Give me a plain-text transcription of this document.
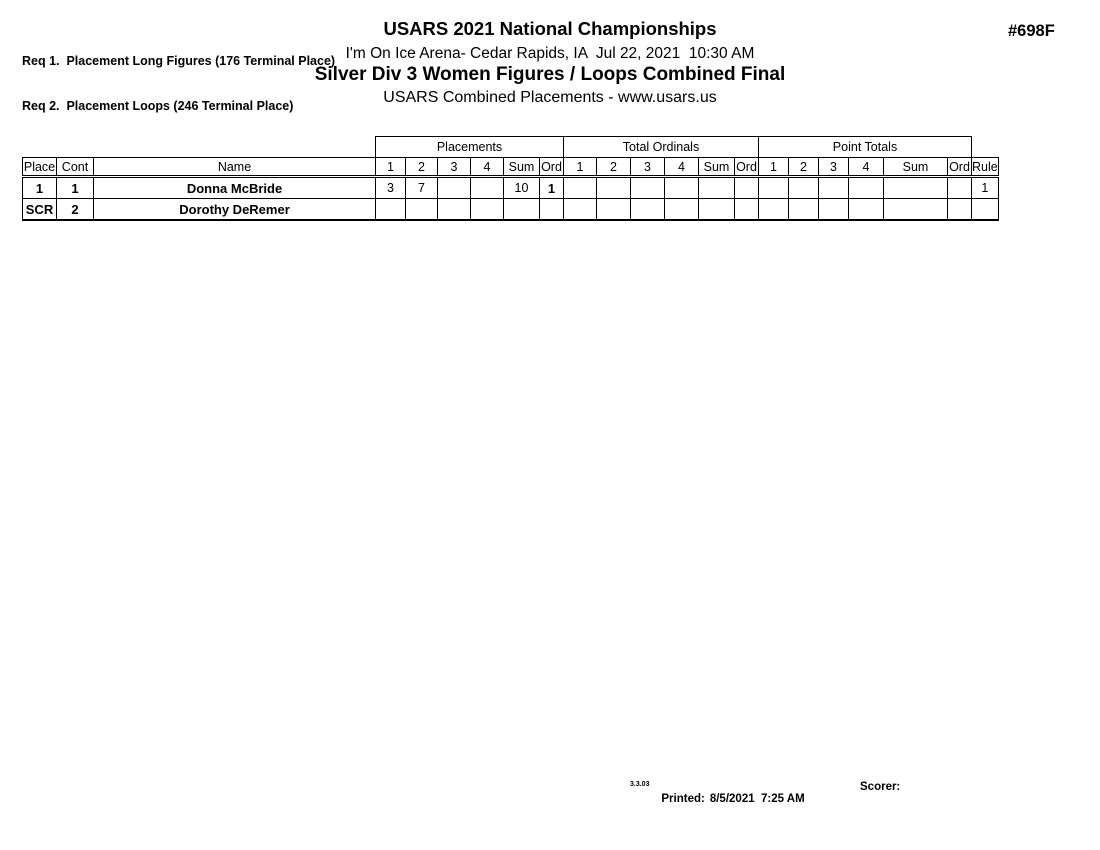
Req 1.  Placement Long Figures (176 Terminal Place)

Req 2.  Placement Loops (246 Terminal Place)

#698F
USARS 2021 National Championships
I'm On Ice Arena- Cedar Rapids, IA  Jul 22, 2021  10:30 AM
Silver Div 3 Women Figures / Loops Combined Final
USARS Combined Placements - www.usars.us
			Placements						Total Ordinals						Point Totals						
Place	Cont	Name	1	2	3	4	Sum	Ord	1	2	3	4	Sum	Ord	1	2	3	4	Sum	Ord	Rule
1	1	Donna McBride	3	7			10	1													1
SCR	2	Dorothy DeRemer																			
3.3.03

Printed: 8/5/2021  7:25 AM

Scorer:
